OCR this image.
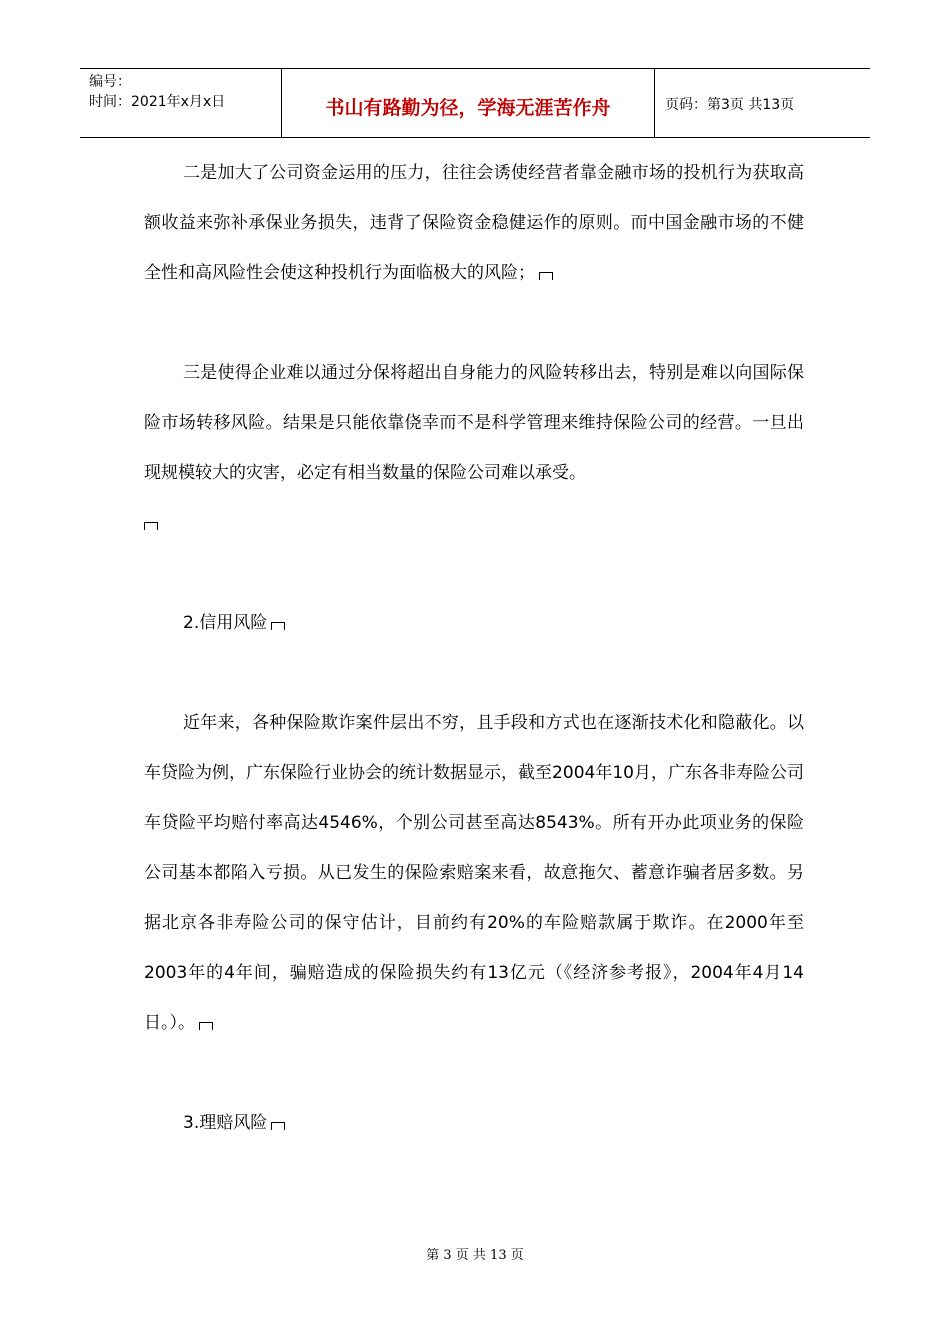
编号：
时间：2021年x月x日	书山有路勤为径，学海无涯苦作舟	页码：第3页 共13页

二是加大了公司资金运用的压力，往往会诱使经营者靠金融市场的投机行为获取高额收益来弥补承保业务损失，违背了保险资金稳健运作的原则。而中国金融市场的不健全性和高风险性会使这种投机行为面临极大的风险；

三是使得企业难以通过分保将超出自身能力的风险转移出去，特别是难以向国际保险市场转移风险。结果是只能依靠侥幸而不是科学管理来维持保险公司的经营。一旦出现规模较大的灾害，必定有相当数量的保险公司难以承受。

2.信用风险

近年来，各种保险欺诈案件层出不穷，且手段和方式也在逐渐技术化和隐蔽化。以车贷险为例，广东保险行业协会的统计数据显示，截至2004年10月，广东各非寿险公司车贷险平均赔付率高达4546%，个别公司甚至高达8543%。所有开办此项业务的保险公司基本都陷入亏损。从已发生的保险索赔案来看，故意拖欠、蓄意诈骗者居多数。另据北京各非寿险公司的保守估计，目前约有20%的车险赔款属于欺诈。在2000年至2003年的4年间，骗赔造成的保险损失约有13亿元（《经济参考报》，2004年4月14日。）。

3.理赔风险

第 3 页 共 13 页
